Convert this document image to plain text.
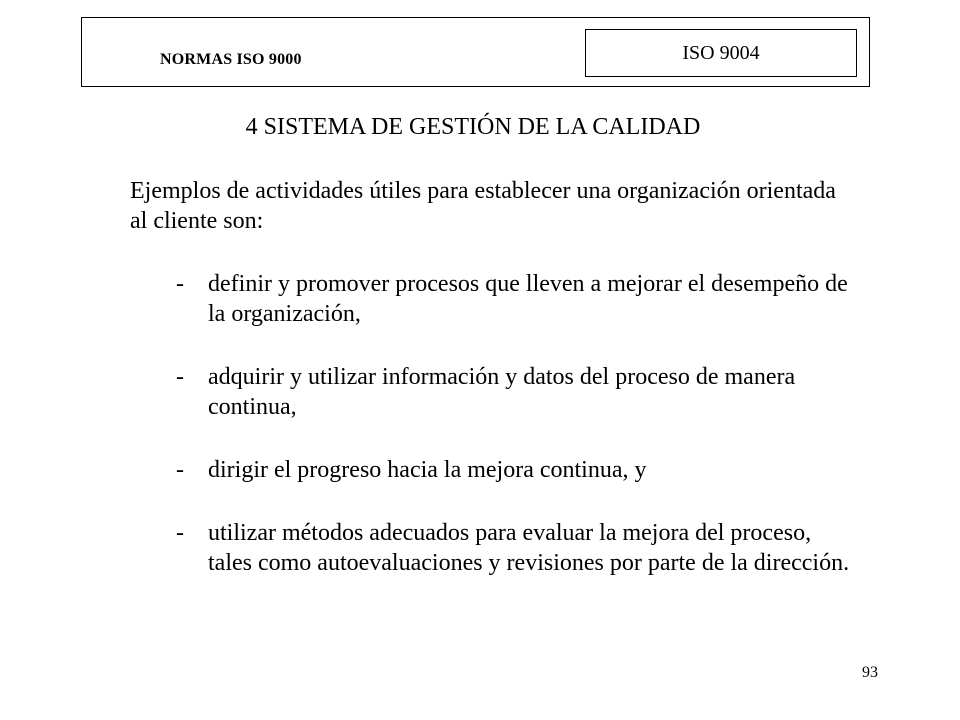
NORMAS ISO 9000	ISO 9004
4 SISTEMA DE GESTIÓN DE LA CALIDAD
Ejemplos de actividades útiles para establecer una organización orientada al cliente son:
-	definir y promover procesos que lleven a mejorar el desempeño de la organización,
-	adquirir y utilizar información y datos del proceso de manera continua,
-	dirigir el progreso hacia la mejora continua, y
-	utilizar métodos adecuados para evaluar la mejora del proceso, tales como autoevaluaciones y revisiones por parte de la dirección.
93
